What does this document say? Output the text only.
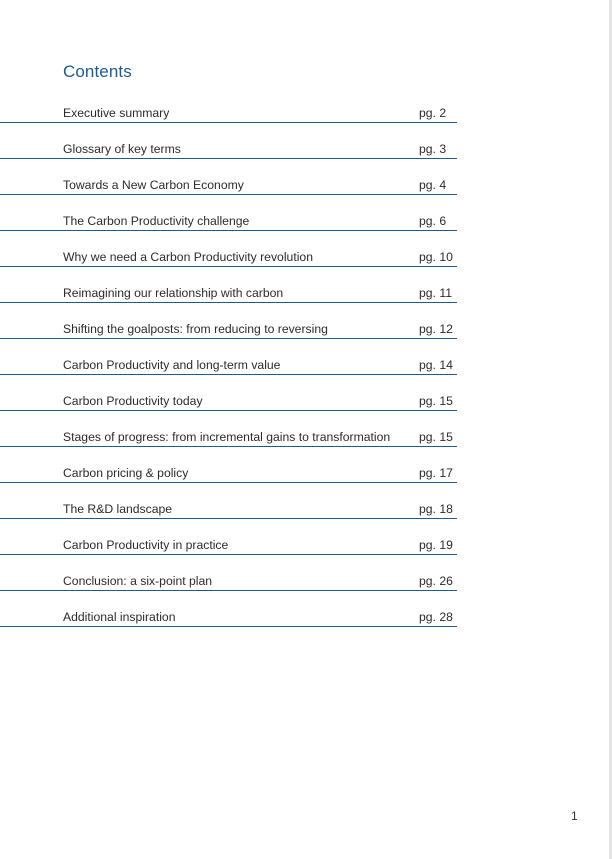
Contents
Executive summary	pg. 2
Glossary of key terms	pg. 3
Towards a New Carbon Economy	pg. 4
The Carbon Productivity challenge	pg. 6
Why we need a Carbon Productivity revolution	pg. 10
Reimagining our relationship with carbon	pg. 11
Shifting the goalposts: from reducing to reversing	pg. 12
Carbon Productivity and long-term value	pg. 14
Carbon Productivity today	pg. 15
Stages of progress: from incremental gains to transformation pg. 15
Carbon pricing & policy	pg. 17
The R&D landscape	pg. 18
Carbon Productivity in practice	pg. 19
Conclusion: a six-point plan	pg. 26
Additional inspiration	pg. 28
1
